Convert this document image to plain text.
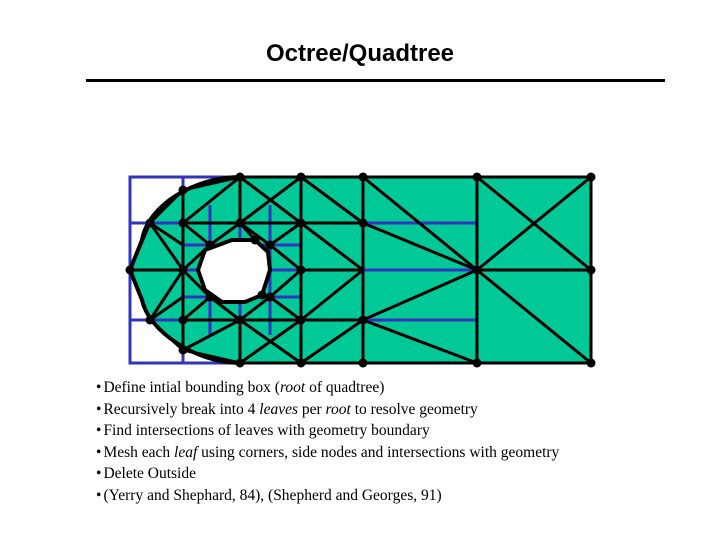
Octree/Quadtree
• Define intial bounding box (root of quadtree)
• Recursively break into 4 leaves per root to resolve geometry
• Find intersections of leaves with geometry boundary
• Mesh each leaf using corners, side nodes and intersections with geometry
• Delete Outside
• (Yerry and Shephard, 84), (Shepherd and Georges, 91)
